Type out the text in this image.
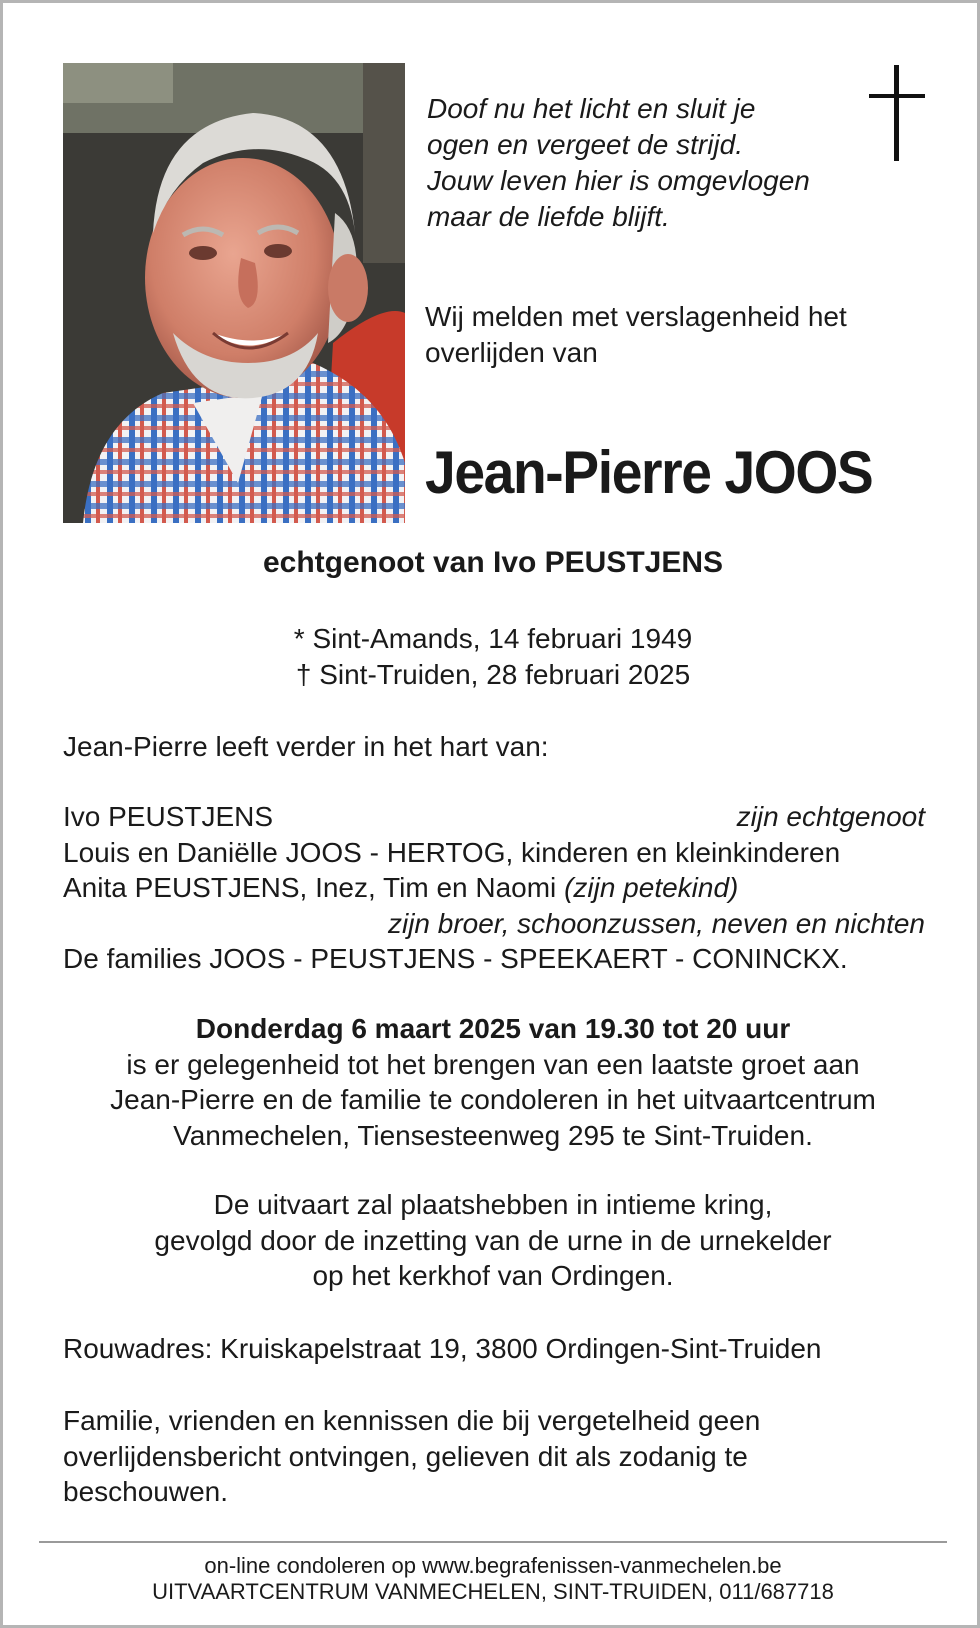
Doof nu het licht en sluit je
ogen en vergeet de strijd.
Jouw leven hier is omgevlogen
maar de liefde blijft.
Wij melden met verslagenheid het
overlijden van
Jean-Pierre JOOS
echtgenoot van Ivo PEUSTJENS
* Sint-Amands, 14 februari 1949
† Sint-Truiden, 28 februari 2025
Jean-Pierre leeft verder in het hart van:
Ivo PEUSTJENS	zijn echtgenoot
Louis en Daniëlle JOOS - HERTOG, kinderen en kleinkinderen
Anita PEUSTJENS, Inez, Tim en Naomi (zijn petekind)
zijn broer, schoonzussen, neven en nichten
De families JOOS - PEUSTJENS - SPEEKAERT - CONINCKX.
Donderdag 6 maart 2025 van 19.30 tot 20 uur
is er gelegenheid tot het brengen van een laatste groet aan
Jean-Pierre en de familie te condoleren in het uitvaartcentrum
Vanmechelen, Tiensesteenweg 295 te Sint-Truiden.
De uitvaart zal plaatshebben in intieme kring,
gevolgd door de inzetting van de urne in de urnekelder
op het kerkhof van Ordingen.
Rouwadres: Kruiskapelstraat 19, 3800 Ordingen-Sint-Truiden
Familie, vrienden en kennissen die bij vergetelheid geen
overlijdensbericht ontvingen, gelieven dit als zodanig te
beschouwen.
on-line condoleren op www.begrafenissen-vanmechelen.be
UITVAARTCENTRUM VANMECHELEN, SINT-TRUIDEN, 011/687718
